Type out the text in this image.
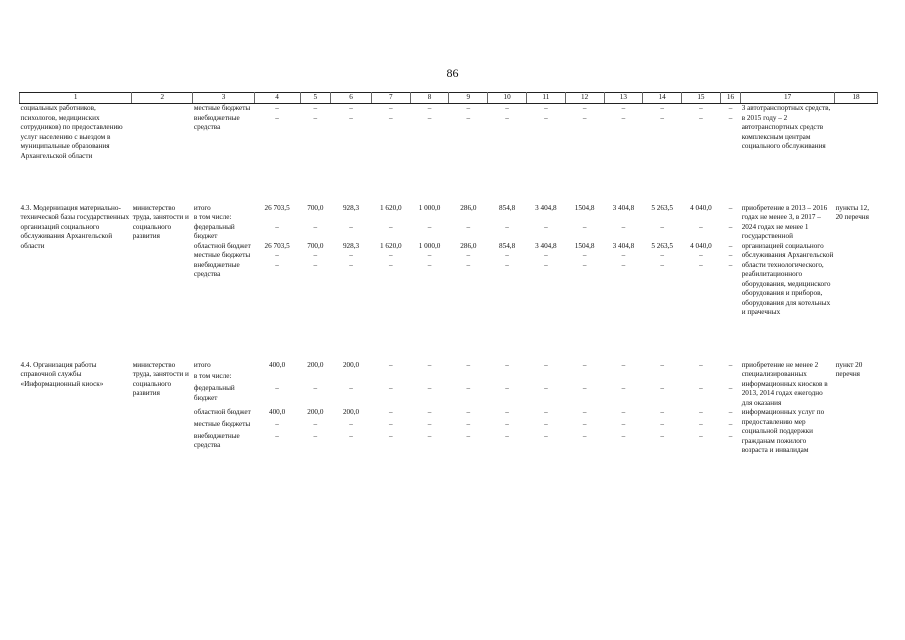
86
1	2	3	4	5	6	7	8	9	10	11	12	13	14	15	16	17	18
социальных работников, психологов, медицинских сотрудников) по предоставлению услуг населению с выездом в муниципальные образования Архангельской области		местные бюджеты	–	–	–	–	–	–	–	–	–	–	–	–	–	3 автотранспортных средств, в 2015 году – 2 автотранспортных средств комплексным центрам социального обслуживания	
		внебюджетные средства	–	–	–	–	–	–	–	–	–	–	–	–	–		

4.3. Модернизация материально-технической базы государственных организаций социального обслуживания Архангельской области	министерство труда, занятости и социального развития	итого	26 703,5	700,0	928,3	1 620,0	1 000,0	286,0	854,8	3 404,8	1504,8	3 404,8	5 263,5	4 040,0	–	приобретение в 2013 – 2016 годах не менее 3, в 2017 – 2024 годах не менее 1 государственной организацией социального обслуживания Архангельской области технологического, реабилитационного оборудования, медицинского оборудования и приборов, оборудования для котельных и прачечных	пункты 12, 20 перечня
		в том числе:															
		федеральный бюджет	–	–	–	–	–	–	–	–	–	–	–	–	–		
		областной бюджет	26 703,5	700,0	928,3	1 620,0	1 000,0	286,0	854,8	3 404,8	1504,8	3 404,8	5 263,5	4 040,0	–		
		местные бюджеты	–	–	–	–	–	–	–	–	–	–	–	–	–		
		внебюджетные средства	–	–	–	–	–	–	–	–	–	–	–	–	–		

4.4. Организация работы справочной службы «Информационный киоск»	министерство труда, занятости и социального развития	итого	400,0	200,0	200,0	–	–	–	–	–	–	–	–	–	–	приобретение не менее 2 специализированных информационных киосков в 2013, 2014 годах ежегодно для оказания информационных услуг по предоставлению мер социальной поддержки гражданам пожилого возраста и инвалидам	пункт 20 перечня
		в том числе:															
		федеральный бюджет	–	–	–	–	–	–	–	–	–	–	–	–	–		
		областной бюджет	400,0	200,0	200,0	–	–	–	–	–	–	–	–	–	–		
		местные бюджеты	–	–	–	–	–	–	–	–	–	–	–	–	–		
		внебюджетные средства	–	–	–	–	–	–	–	–	–	–	–	–	–		
